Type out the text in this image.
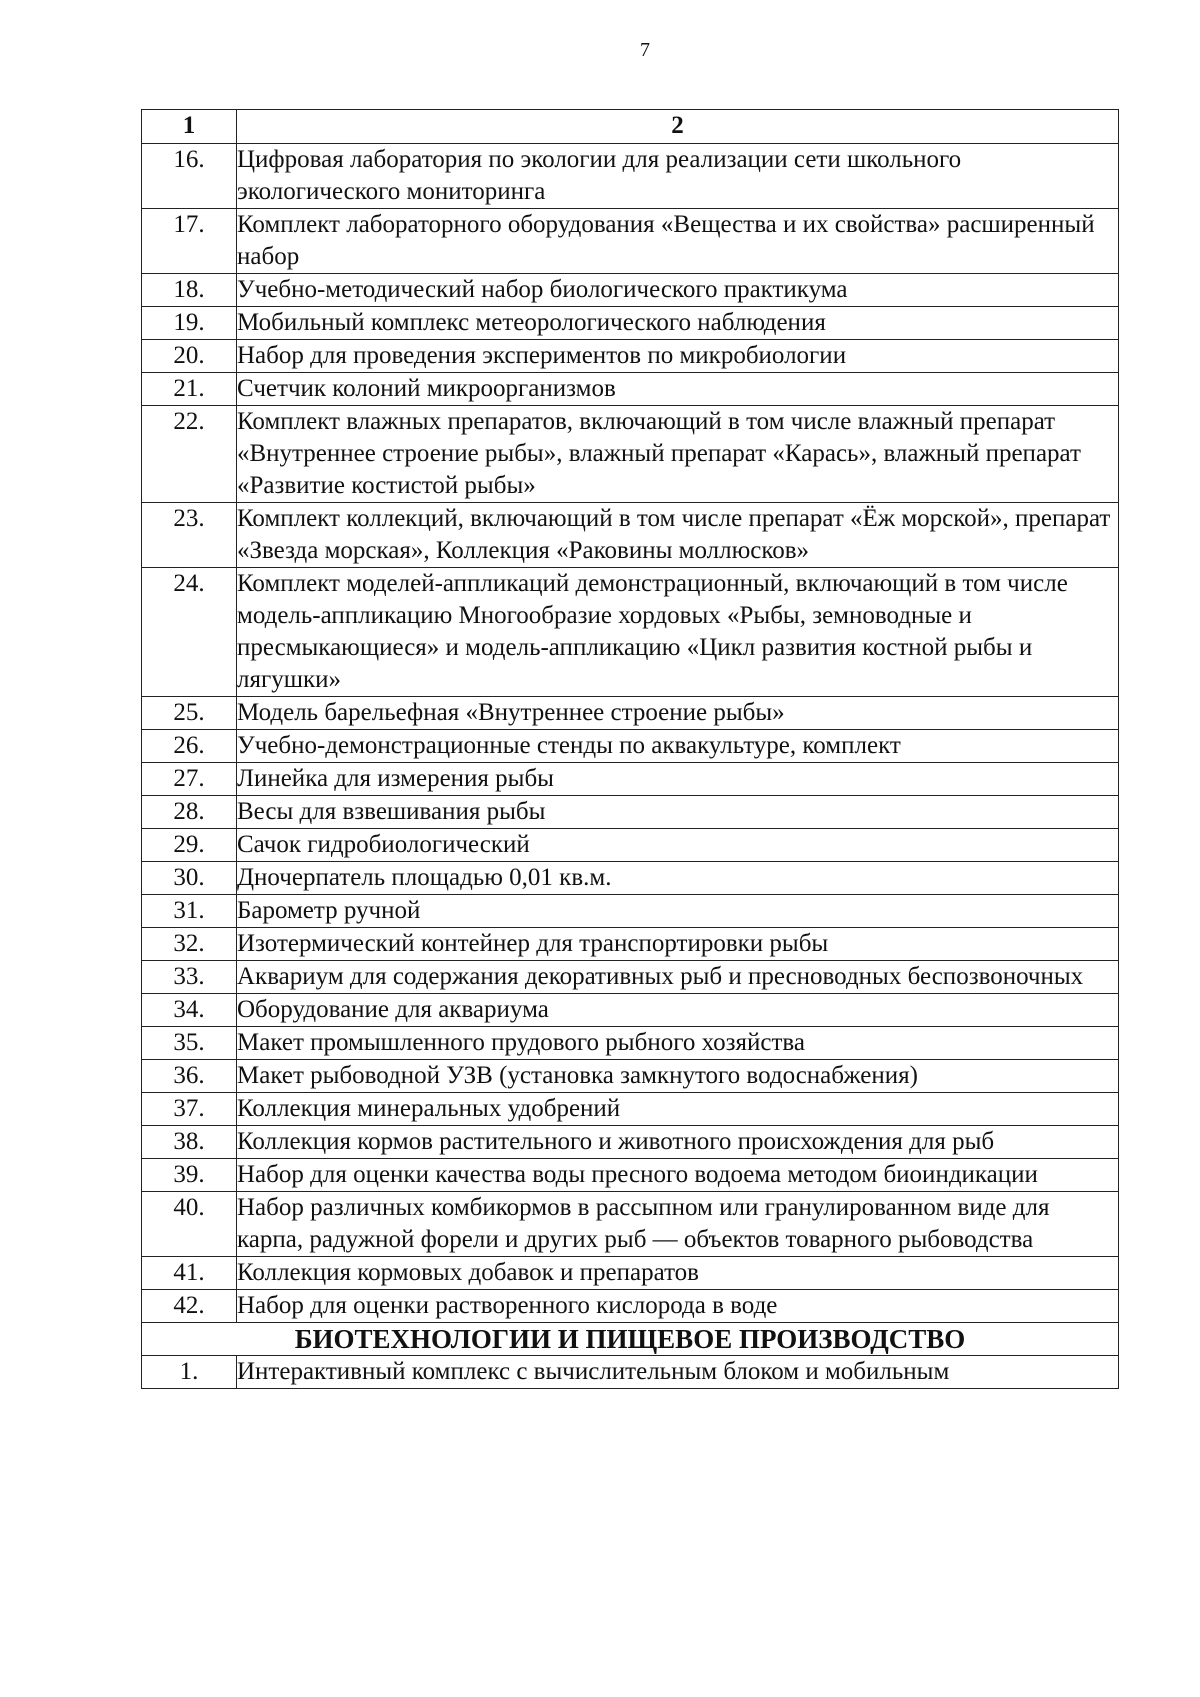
7
1	2
16.	Цифровая лаборатория по экологии для реализации сети школьного экологического мониторинга
17.	Комплект лабораторного оборудования «Вещества и их свойства» расширенный набор
18.	Учебно-методический набор биологического практикума
19.	Мобильный комплекс метеорологического наблюдения
20.	Набор для проведения экспериментов по микробиологии
21.	Счетчик колоний микроорганизмов
22.	Комплект влажных препаратов, включающий в том числе влажный препарат «Внутреннее строение рыбы», влажный препарат «Карась», влажный препарат «Развитие костистой рыбы»
23.	Комплект коллекций, включающий в том числе препарат «Ёж морской», препарат «Звезда морская», Коллекция «Раковины моллюсков»
24.	Комплект моделей-аппликаций демонстрационный, включающий в том числе модель-аппликацию Многообразие хордовых «Рыбы, земноводные и пресмыкающиеся» и модель-аппликацию «Цикл развития костной рыбы и лягушки»
25.	Модель барельефная «Внутреннее строение рыбы»
26.	Учебно-демонстрационные стенды по аквакультуре, комплект
27.	Линейка для измерения рыбы
28.	Весы для взвешивания рыбы
29.	Сачок гидробиологический
30.	Дночерпатель площадью 0,01 кв.м.
31.	Барометр ручной
32.	Изотермический контейнер для транспортировки рыбы
33.	Аквариум для содержания декоративных рыб и пресноводных беспозвоночных
34.	Оборудование для аквариума
35.	Макет промышленного прудового рыбного хозяйства
36.	Макет рыбоводной УЗВ (установка замкнутого водоснабжения)
37.	Коллекция минеральных удобрений
38.	Коллекция кормов растительного и животного происхождения для рыб
39.	Набор для оценки качества воды пресного водоема методом биоиндикации
40.	Набор различных комбикормов в рассыпном или гранулированном виде для карпа, радужной форели и других рыб — объектов товарного рыбоводства
41.	Коллекция кормовых добавок и препаратов
42.	Набор для оценки растворенного кислорода в воде
БИОТЕХНОЛОГИИ И ПИЩЕВОЕ ПРОИЗВОДСТВО	
1.	Интерактивный комплекс с вычислительным блоком и мобильным
